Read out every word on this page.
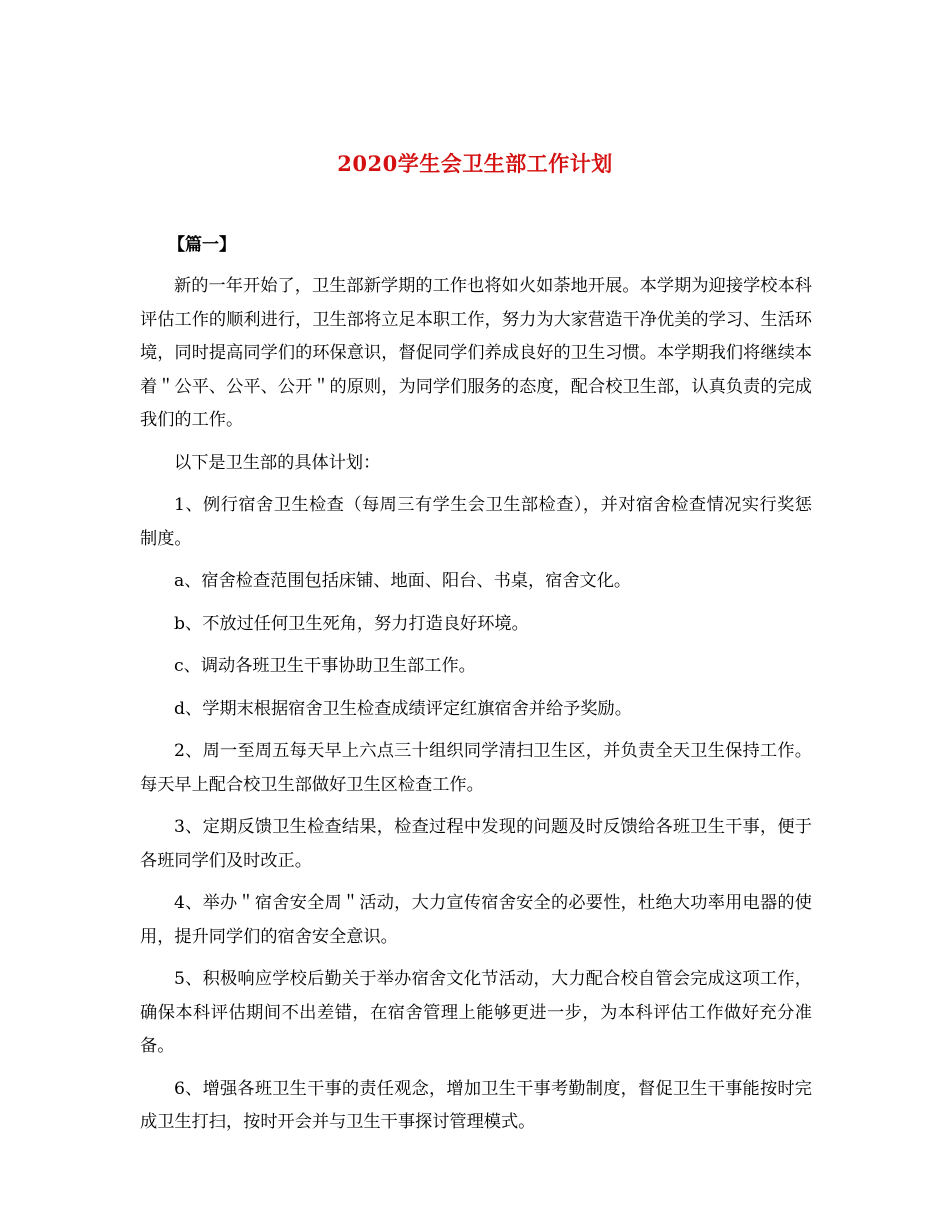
2020学生会卫生部工作计划
【篇一】

新的一年开始了，卫生部新学期的工作也将如火如荼地开展。本学期为迎接学校本科评估工作的顺利进行，卫生部将立足本职工作，努力为大家营造干净优美的学习、生活环境，同时提高同学们的环保意识，督促同学们养成良好的卫生习惯。本学期我们将继续本着＂公平、公平、公开＂的原则，为同学们服务的态度，配合校卫生部，认真负责的完成我们的工作。

以下是卫生部的具体计划：

1、例行宿舍卫生检查（每周三有学生会卫生部检查），并对宿舍检查情况实行奖惩制度。

a、宿舍检查范围包括床铺、地面、阳台、书桌，宿舍文化。

b、不放过任何卫生死角，努力打造良好环境。

c、调动各班卫生干事协助卫生部工作。

d、学期末根据宿舍卫生检查成绩评定红旗宿舍并给予奖励。

2、周一至周五每天早上六点三十组织同学清扫卫生区，并负责全天卫生保持工作。每天早上配合校卫生部做好卫生区检查工作。

3、定期反馈卫生检查结果，检查过程中发现的问题及时反馈给各班卫生干事，便于各班同学们及时改正。

4、举办＂宿舍安全周＂活动，大力宣传宿舍安全的必要性，杜绝大功率用电器的使用，提升同学们的宿舍安全意识。

5、积极响应学校后勤关于举办宿舍文化节活动，大力配合校自管会完成这项工作，确保本科评估期间不出差错，在宿舍管理上能够更进一步，为本科评估工作做好充分准备。

6、增强各班卫生干事的责任观念，增加卫生干事考勤制度，督促卫生干事能按时完成卫生打扫，按时开会并与卫生干事探讨管理模式。
